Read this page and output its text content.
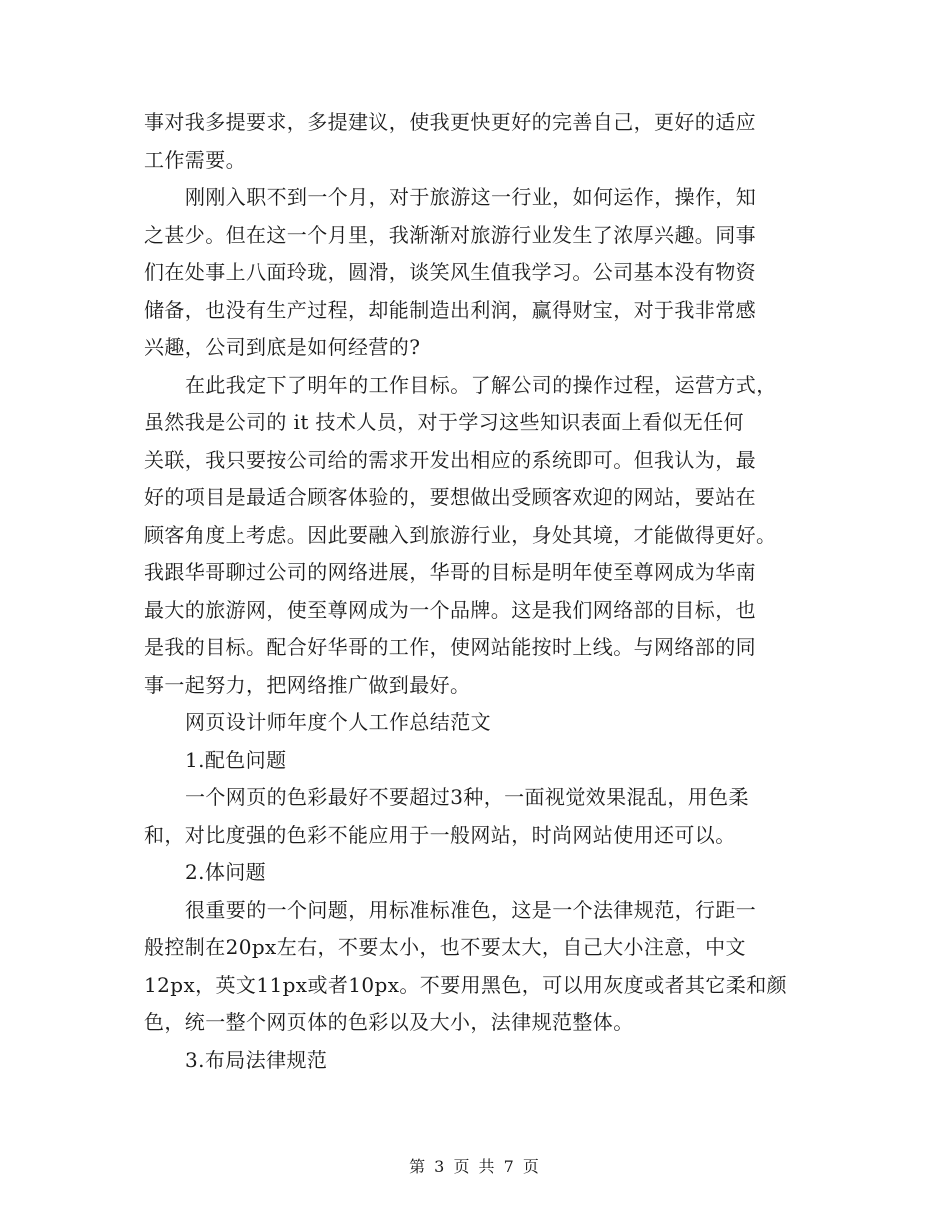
事对我多提要求，多提建议，使我更快更好的完善自己，更好的适应
工作需要。
刚刚入职不到一个月，对于旅游这一行业，如何运作，操作，知
之甚少。但在这一个月里，我渐渐对旅游行业发生了浓厚兴趣。同事
们在处事上八面玲珑，圆滑，谈笑风生值我学习。公司基本没有物资
储备，也没有生产过程，却能制造出利润，赢得财宝，对于我非常感
兴趣，公司到底是如何经营的?
在此我定下了明年的工作目标。了解公司的操作过程，运营方式，
虽然我是公司的 it 技术人员，对于学习这些知识表面上看似无任何
关联，我只要按公司给的需求开发出相应的系统即可。但我认为，最
好的项目是最适合顾客体验的，要想做出受顾客欢迎的网站，要站在
顾客角度上考虑。因此要融入到旅游行业，身处其境，才能做得更好。
我跟华哥聊过公司的网络进展，华哥的目标是明年使至尊网成为华南
最大的旅游网，使至尊网成为一个品牌。这是我们网络部的目标，也
是我的目标。配合好华哥的工作，使网站能按时上线。与网络部的同
事一起努力，把网络推广做到最好。
网页设计师年度个人工作总结范文
1.配色问题
一个网页的色彩最好不要超过3种，一面视觉效果混乱，用色柔
和，对比度强的色彩不能应用于一般网站，时尚网站使用还可以。
2.体问题
很重要的一个问题，用标准标准色，这是一个法律规范，行距一
般控制在20px左右，不要太小，也不要太大，自己大小注意，中文
12px，英文11px或者10px。不要用黑色，可以用灰度或者其它柔和颜
色，统一整个网页体的色彩以及大小，法律规范整体。
3.布局法律规范
第 3 页 共 7 页
